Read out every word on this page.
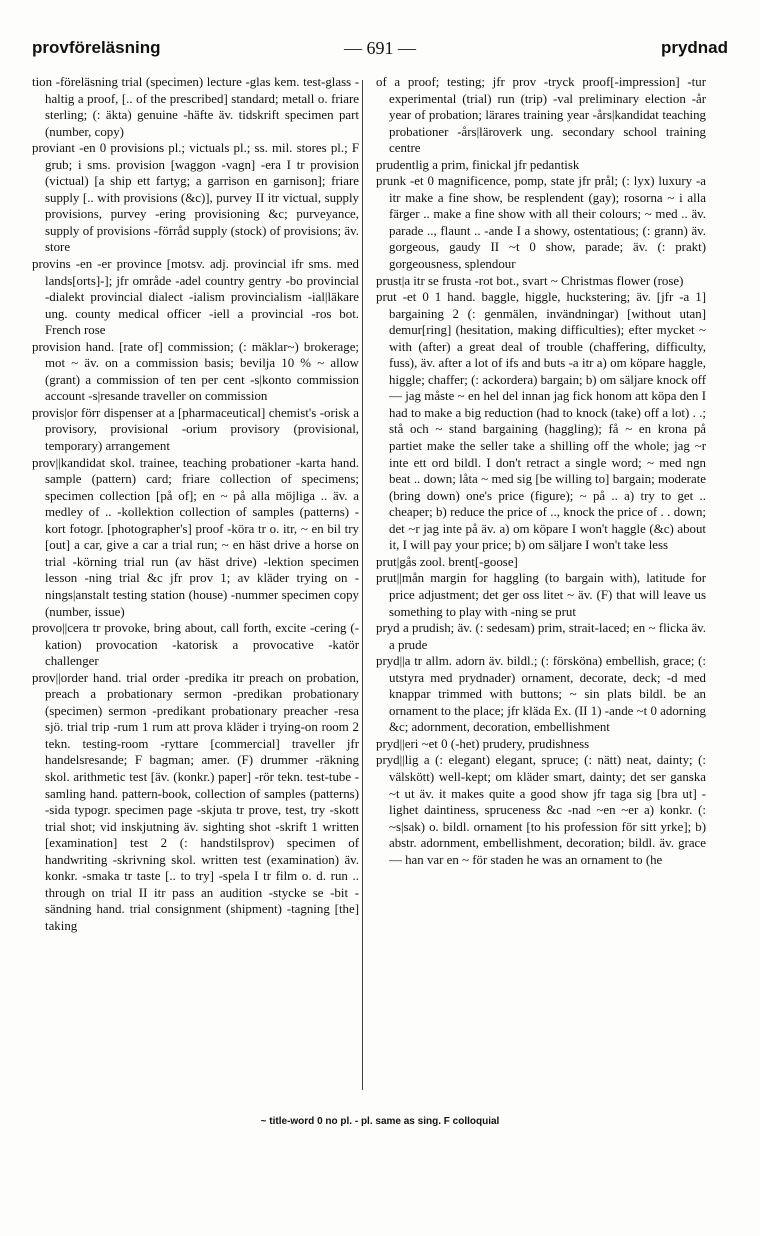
provföreläsning	— 691 —	prydnad

tion -föreläsning trial (specimen) lecture -glas kem. test-glass -haltig a proof, [.. of the prescribed] standard; metall o. friare sterling; (: äkta) genuine -häfte äv. tidskrift specimen part (number, copy)

proviant -en 0 provisions pl.; victuals pl.; ss. mil. stores pl.; F grub; i sms. provision [waggon -vagn] -era I tr provision (victual) [a ship ett fartyg; a garrison en garnison]; friare supply [.. with provisions (&c)], purvey II itr victual, supply provisions, purvey -ering provisioning &c; purveyance, supply of provisions -förråd supply (stock) of provisions; äv. store

provins -en -er province [motsv. adj. provincial ifr sms. med lands[orts]-]; jfr område -adel country gentry -bo provincial -dialekt provincial dialect -ialism provincialism -ial|läkare ung. county medical officer -iell a provincial -ros bot. French rose

provision hand. [rate of] commission; (: mäklar~) brokerage; mot ~ äv. on a commission basis; bevilja 10 % ~ allow (grant) a commission of ten per cent -s|konto commission account -s|resande traveller on commission

provis|or förr dispenser at a [pharmaceutical] chemist's -orisk a provisory, provisional -orium provisory (provisional, temporary) arrangement

prov||kandidat skol. trainee, teaching probationer -karta hand. sample (pattern) card; friare collection of specimens; specimen collection [på of]; en ~ på alla möjliga .. äv. a medley of .. -kollektion collection of samples (patterns) -kort fotogr. [photographer's] proof -köra tr o. itr, ~ en bil try [out] a car, give a car a trial run; ~ en häst drive a horse on trial -körning trial run (av häst drive) -lektion specimen lesson -ning trial &c jfr prov 1; av kläder trying on -nings|anstalt testing station (house) -nummer specimen copy (number, issue)

provo||cera tr provoke, bring about, call forth, excite -cering (-kation) provocation -katorisk a provocative -katör challenger

prov||order hand. trial order -predika itr preach on probation, preach a probationary sermon -predikan probationary (specimen) sermon -predikant probationary preacher -resa sjö. trial trip -rum 1 rum att prova kläder i trying-on room 2 tekn. testing-room -ryttare [commercial] traveller jfr handelsresande; F bagman; amer. (F) drummer -räkning skol. arithmetic test [äv. (konkr.) paper] -rör tekn. test-tube -samling hand. pattern-book, collection of samples (patterns) -sida typogr. specimen page -skjuta tr prove, test, try -skott trial shot; vid inskjutning äv. sighting shot -skrift 1 written [examination] test 2 (: handstilsprov) specimen of handwriting -skrivning skol. written test (examination) äv. konkr. -smaka tr taste [.. to try] -spela I tr film o. d. run .. through on trial II itr pass an audition -stycke se -bit -sändning hand. trial consignment (shipment) -tagning [the] taking

of a proof; testing; jfr prov -tryck proof[-impression] -tur experimental (trial) run (trip) -val preliminary election -år year of probation; lärares training year -års|kandidat teaching probationer -års|läroverk ung. secondary school training centre

prudentlig a prim, finickal jfr pedantisk

prunk -et 0 magnificence, pomp, state jfr prål; (: lyx) luxury -a itr make a fine show, be resplendent (gay); rosorna ~ i alla färger .. make a fine show with all their colours; ~ med .. äv. parade .., flaunt .. -ande I a showy, ostentatious; (: grann) äv. gorgeous, gaudy II ~t 0 show, parade; äv. (: prakt) gorgeousness, splendour

prust|a itr se frusta -rot bot., svart ~ Christmas flower (rose)

prut -et 0 1 hand. baggle, higgle, huckstering; äv. [jfr -a 1] bargaining 2 (: genmälen, invändningar) [without utan] demur[ring] (hesitation, making difficulties); efter mycket ~ with (after) a great deal of trouble (chaffering, difficulty, fuss), äv. after a lot of ifs and buts -a itr a) om köpare haggle, higgle; chaffer; (: ackordera) bargain; b) om säljare knock off — jag måste ~ en hel del innan jag fick honom att köpa den I had to make a big reduction (had to knock (take) off a lot) . .; stå och ~ stand bargaining (haggling); få ~ en krona på partiet make the seller take a shilling off the whole; jag ~r inte ett ord bildl. I don't retract a single word; ~ med ngn beat .. down; låta ~ med sig [be willing to] bargain; moderate (bring down) one's price (figure); ~ på .. a) try to get .. cheaper; b) reduce the price of .., knock the price of . . down; det ~r jag inte på äv. a) om köpare I won't haggle (&c) about it, I will pay your price; b) om säljare I won't take less

prut|gås zool. brent[-goose]

prut||mån margin for haggling (to bargain with), latitude for price adjustment; det ger oss litet ~ äv. (F) that will leave us something to play with -ning se prut

pryd a prudish; äv. (: sedesam) prim, strait-laced; en ~ flicka äv. a prude

pryd||a tr allm. adorn äv. bildl.; (: försköna) embellish, grace; (: utstyra med prydnader) ornament, decorate, deck; -d med knappar trimmed with buttons; ~ sin plats bildl. be an ornament to the place; jfr kläda Ex. (II 1) -ande ~t 0 adorning &c; adornment, decoration, embellishment

pryd||eri ~et 0 (-het) prudery, prudishness

pryd||lig a (: elegant) elegant, spruce; (: nätt) neat, dainty; (: välskött) well-kept; om kläder smart, dainty; det ser ganska ~t ut äv. it makes quite a good show jfr taga sig [bra ut] -lighet daintiness, spruceness &c -nad ~en ~er a) konkr. (: ~s|sak) o. bildl. ornament [to his profession för sitt yrke]; b) abstr. adornment, embellishment, decoration; bildl. äv. grace — han var en ~ för staden he was an ornament to (he

~ title-word 0 no pl. - pl. same as sing. F colloquial
